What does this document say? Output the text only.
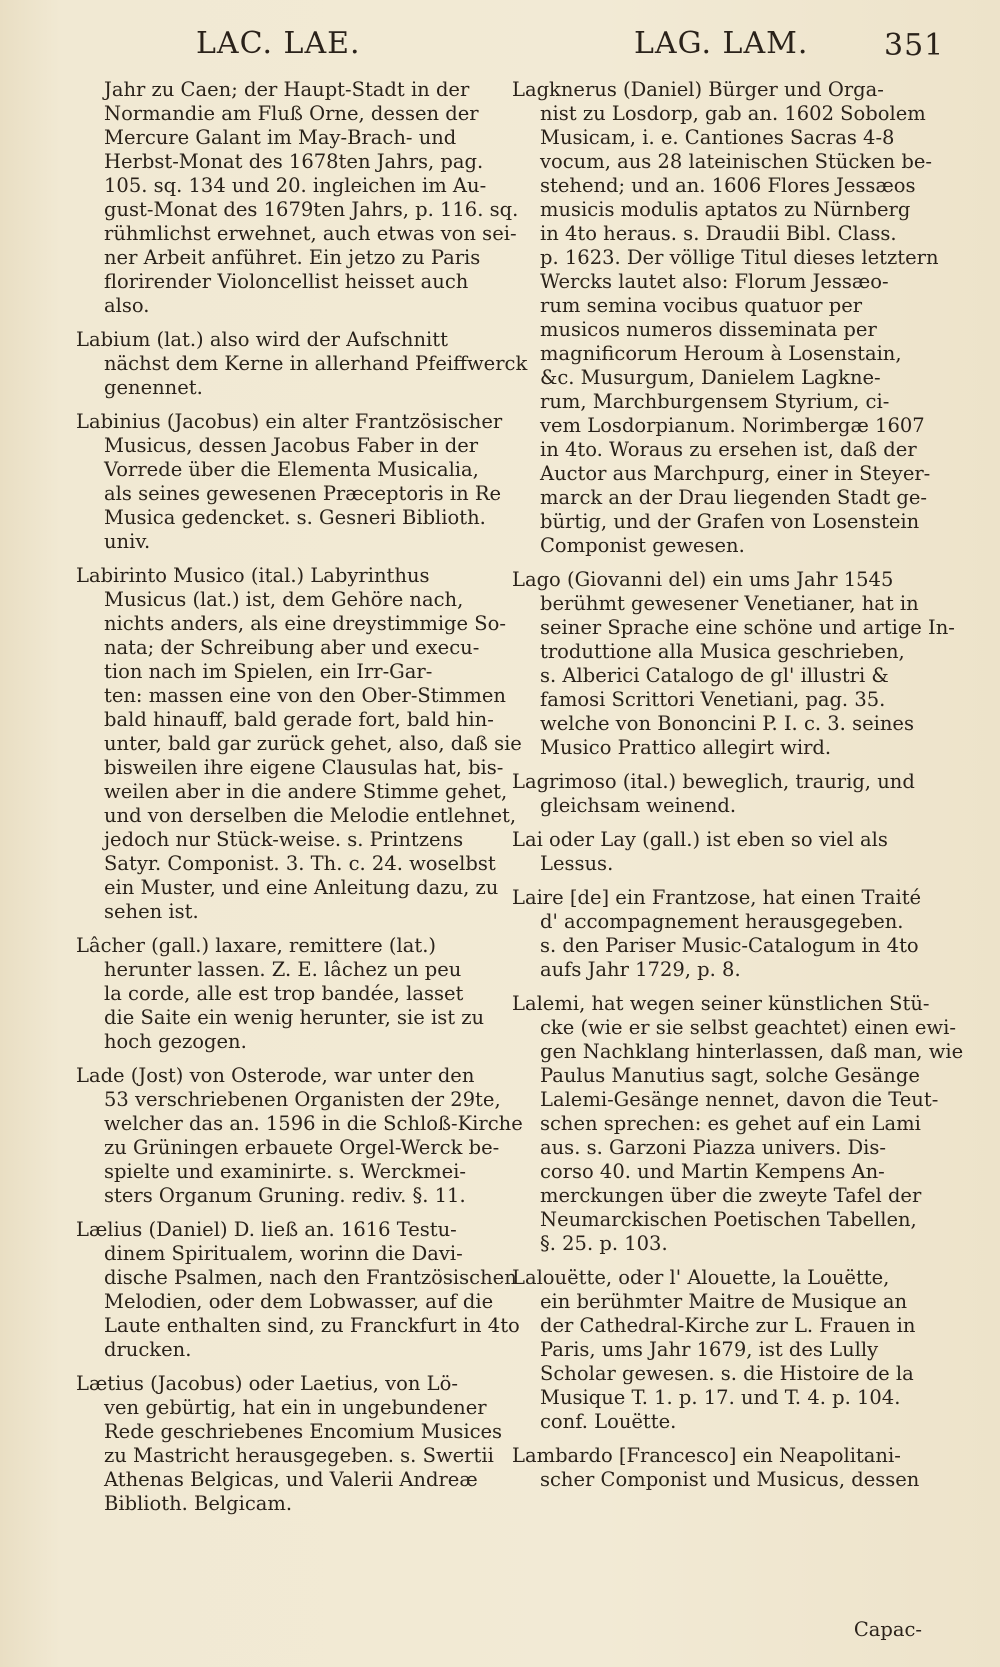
LAC. LAE.	LAG. LAM.	351
Jahr zu Caen; der Haupt-Stadt in der
Normandie am Fluß Orne, dessen der
Mercure Galant im May-Brach- und
Herbst-Monat des 1678ten Jahrs, pag.
105. sq. 134 und 20. ingleichen im Au-
gust-Monat des 1679ten Jahrs, p. 116. sq.
rühmlichst erwehnet, auch etwas von sei-
ner Arbeit anführet. Ein jetzo zu Paris
florirender Violoncellist heisset auch
also.
Labium (lat.) also wird der Aufschnitt
nächst dem Kerne in allerhand Pfeiffwerck
genennet.
Labinius (Jacobus) ein alter Frantzösischer
Musicus, dessen Jacobus Faber in der
Vorrede über die Elementa Musicalia,
als seines gewesenen Præceptoris in Re
Musica gedencket. s. Gesneri Biblioth.
univ.
Labirinto Musico (ital.) Labyrinthus
Musicus (lat.) ist, dem Gehöre nach,
nichts anders, als eine dreystimmige So-
nata; der Schreibung aber und execu-
tion nach im Spielen, ein Irr-Gar-
ten: massen eine von den Ober-Stimmen
bald hinauff, bald gerade fort, bald hin-
unter, bald gar zurück gehet, also, daß sie
bisweilen ihre eigene Clausulas hat, bis-
weilen aber in die andere Stimme gehet,
und von derselben die Melodie entlehnet,
jedoch nur Stück-weise. s. Printzens
Satyr. Componist. 3. Th. c. 24. woselbst
ein Muster, und eine Anleitung dazu, zu
sehen ist.
Lâcher (gall.) laxare, remittere (lat.)
herunter lassen. Z. E. lâchez un peu
la corde, alle est trop bandée, lasset
die Saite ein wenig herunter, sie ist zu
hoch gezogen.
Lade (Jost) von Osterode, war unter den
53 verschriebenen Organisten der 29te,
welcher das an. 1596 in die Schloß-Kirche
zu Grüningen erbauete Orgel-Werck be-
spielte und examinirte. s. Werckmei-
sters Organum Gruning. rediv. §. 11.
Lælius (Daniel) D. ließ an. 1616 Testu-
dinem Spiritualem, worinn die Davi-
dische Psalmen, nach den Frantzösischen
Melodien, oder dem Lobwasser, auf die
Laute enthalten sind, zu Franckfurt in 4to
drucken.
Lætius (Jacobus) oder Laetius, von Lö-
ven gebürtig, hat ein in ungebundener
Rede geschriebenes Encomium Musices
zu Mastricht herausgegeben. s. Swertii
Athenas Belgicas, und Valerii Andreæ
Biblioth. Belgicam.
Lagknerus (Daniel) Bürger und Orga-
nist zu Losdorp, gab an. 1602 Sobolem
Musicam, i. e. Cantiones Sacras 4-8
vocum, aus 28 lateinischen Stücken be-
stehend; und an. 1606 Flores Jessæos
musicis modulis aptatos zu Nürnberg
in 4to heraus. s. Draudii Bibl. Class.
p. 1623. Der völlige Titul dieses letztern
Wercks lautet also: Florum Jessæo-
rum semina vocibus quatuor per
musicos numeros disseminata per
magnificorum Heroum à Losenstain,
&c. Musurgum, Danielem Lagkne-
rum, Marchburgensem Styrium, ci-
vem Losdorpianum. Norimbergæ 1607
in 4to. Woraus zu ersehen ist, daß der
Auctor aus Marchpurg, einer in Steyer-
marck an der Drau liegenden Stadt ge-
bürtig, und der Grafen von Losenstein
Componist gewesen.
Lago (Giovanni del) ein ums Jahr 1545
berühmt gewesener Venetianer, hat in
seiner Sprache eine schöne und artige In-
troduttione alla Musica geschrieben,
s. Alberici Catalogo de gl' illustri &
famosi Scrittori Venetiani, pag. 35.
welche von Bononcini P. I. c. 3. seines
Musico Prattico allegirt wird.
Lagrimoso (ital.) beweglich, traurig, und
gleichsam weinend.
Lai oder Lay (gall.) ist eben so viel als
Lessus.
Laire [de] ein Frantzose, hat einen Traité
d' accompagnement herausgegeben.
s. den Pariser Music-Catalogum in 4to
aufs Jahr 1729, p. 8.
Lalemi, hat wegen seiner künstlichen Stü-
cke (wie er sie selbst geachtet) einen ewi-
gen Nachklang hinterlassen, daß man, wie
Paulus Manutius sagt, solche Gesänge
Lalemi-Gesänge nennet, davon die Teut-
schen sprechen: es gehet auf ein Lami
aus. s. Garzoni Piazza univers. Dis-
corso 40. und Martin Kempens An-
merckungen über die zweyte Tafel der
Neumarckischen Poetischen Tabellen,
§. 25. p. 103.
Lalouëtte, oder l' Alouette, la Louëtte,
ein berühmter Maitre de Musique an
der Cathedral-Kirche zur L. Frauen in
Paris, ums Jahr 1679, ist des Lully
Scholar gewesen. s. die Histoire de la
Musique T. 1. p. 17. und T. 4. p. 104.
conf. Louëtte.
Lambardo [Francesco] ein Neapolitani-
scher Componist und Musicus, dessen
Capac-
